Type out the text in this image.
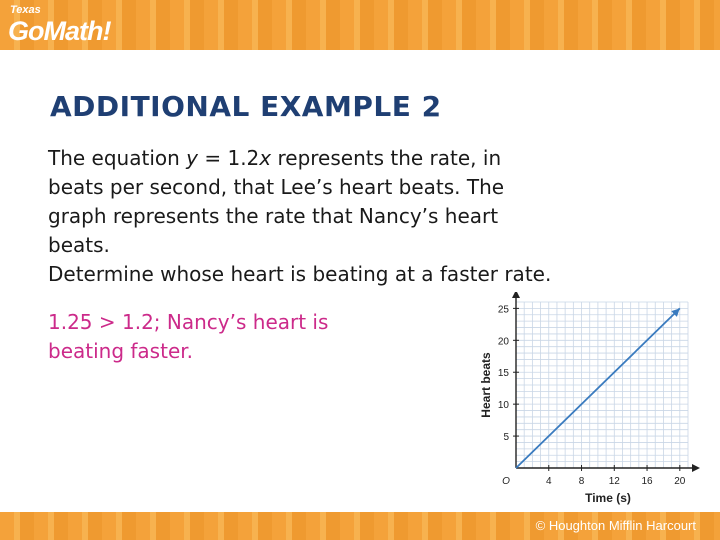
Texas
GoMath!
ADDITIONAL EXAMPLE 2
The equation y = 1.2x represents the rate, in
beats per second, that Lee’s heart beats. The
graph represents the rate that Nancy’s heart
beats.
Determine whose heart is beating at a faster rate.
1.25 > 1.2; Nancy’s heart is
beating faster.
4	8 12 16 20
5
10
15
20
25
Time (s)
Heart beats
O
© Houghton Mifflin Harcourt
